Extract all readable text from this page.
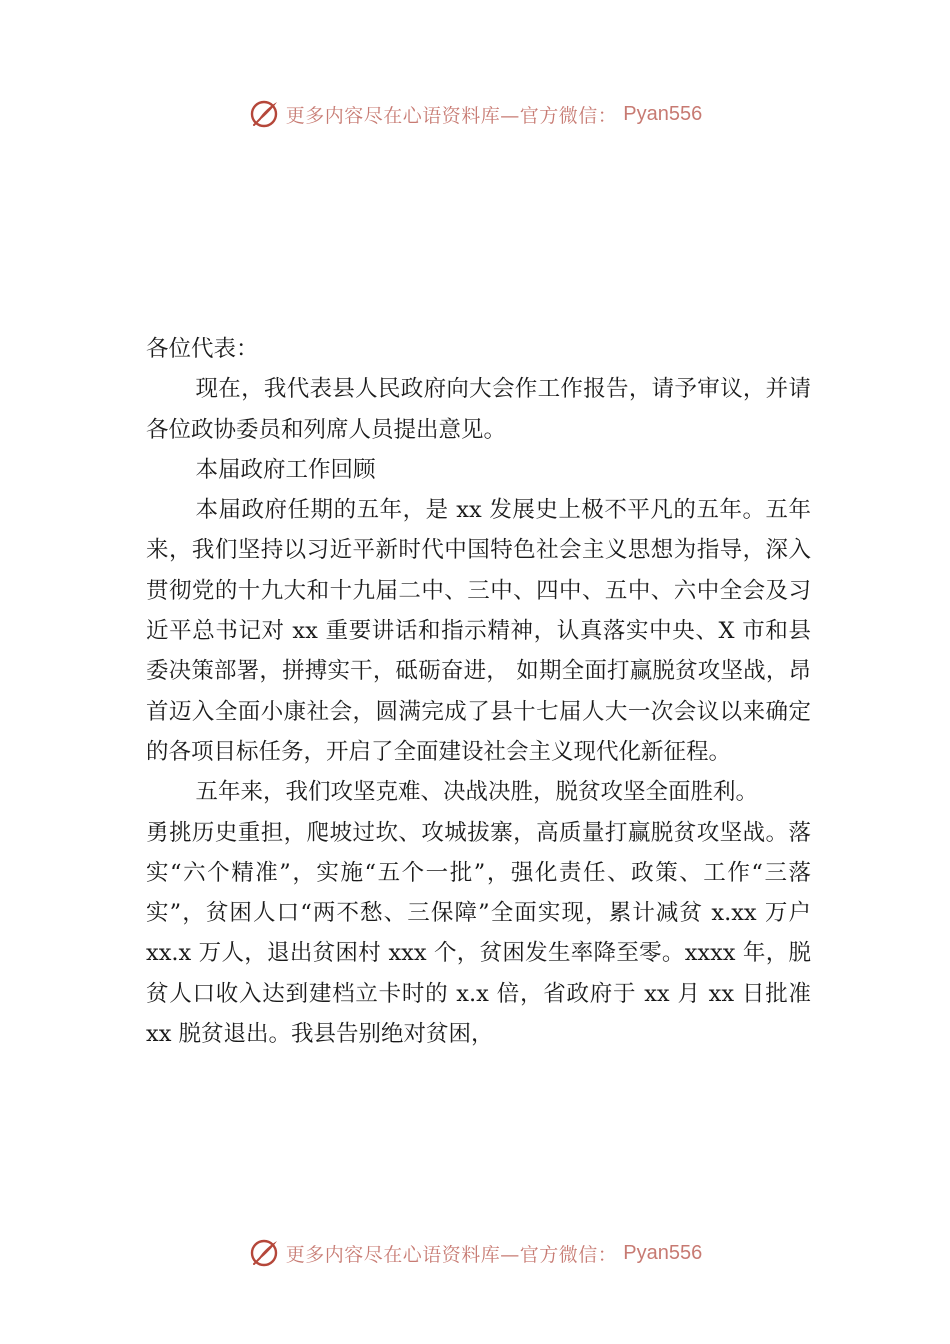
更多内容尽在心语资料库—官方微信： Pyan556

各位代表：

现在，我代表县人民政府向大会作工作报告，请予审议，并请各位政协委员和列席人员提出意见。

本届政府工作回顾

本届政府任期的五年，是 xx 发展史上极不平凡的五年。五年来，我们坚持以习近平新时代中国特色社会主义思想为指导，深入贯彻党的十九大和十九届二中、三中、四中、五中、六中全会及习近平总书记对 xx 重要讲话和指示精神，认真落实中央、X 市和县委决策部署，拼搏实干，砥砺奋进， 如期全面打赢脱贫攻坚战，昂首迈入全面小康社会，圆满完成了县十七届人大一次会议以来确定的各项目标任务，开启了全面建设社会主义现代化新征程。

五年来，我们攻坚克难、决战决胜，脱贫攻坚全面胜利。

勇挑历史重担，爬坡过坎、攻城拔寨，高质量打赢脱贫攻坚战。落实“六个精准”，实施“五个一批”，强化责任、政策、工作“三落实”，贫困人口“两不愁、三保障”全面实现，累计减贫 x.xx 万户 xx.x 万人，退出贫困村 xxx 个，贫困发生率降至零。xxxx 年，脱贫人口收入达到建档立卡时的 x.x 倍，省政府于 xx 月 xx 日批准 xx 脱贫退出。我县告别绝对贫困，

更多内容尽在心语资料库—官方微信： Pyan556
